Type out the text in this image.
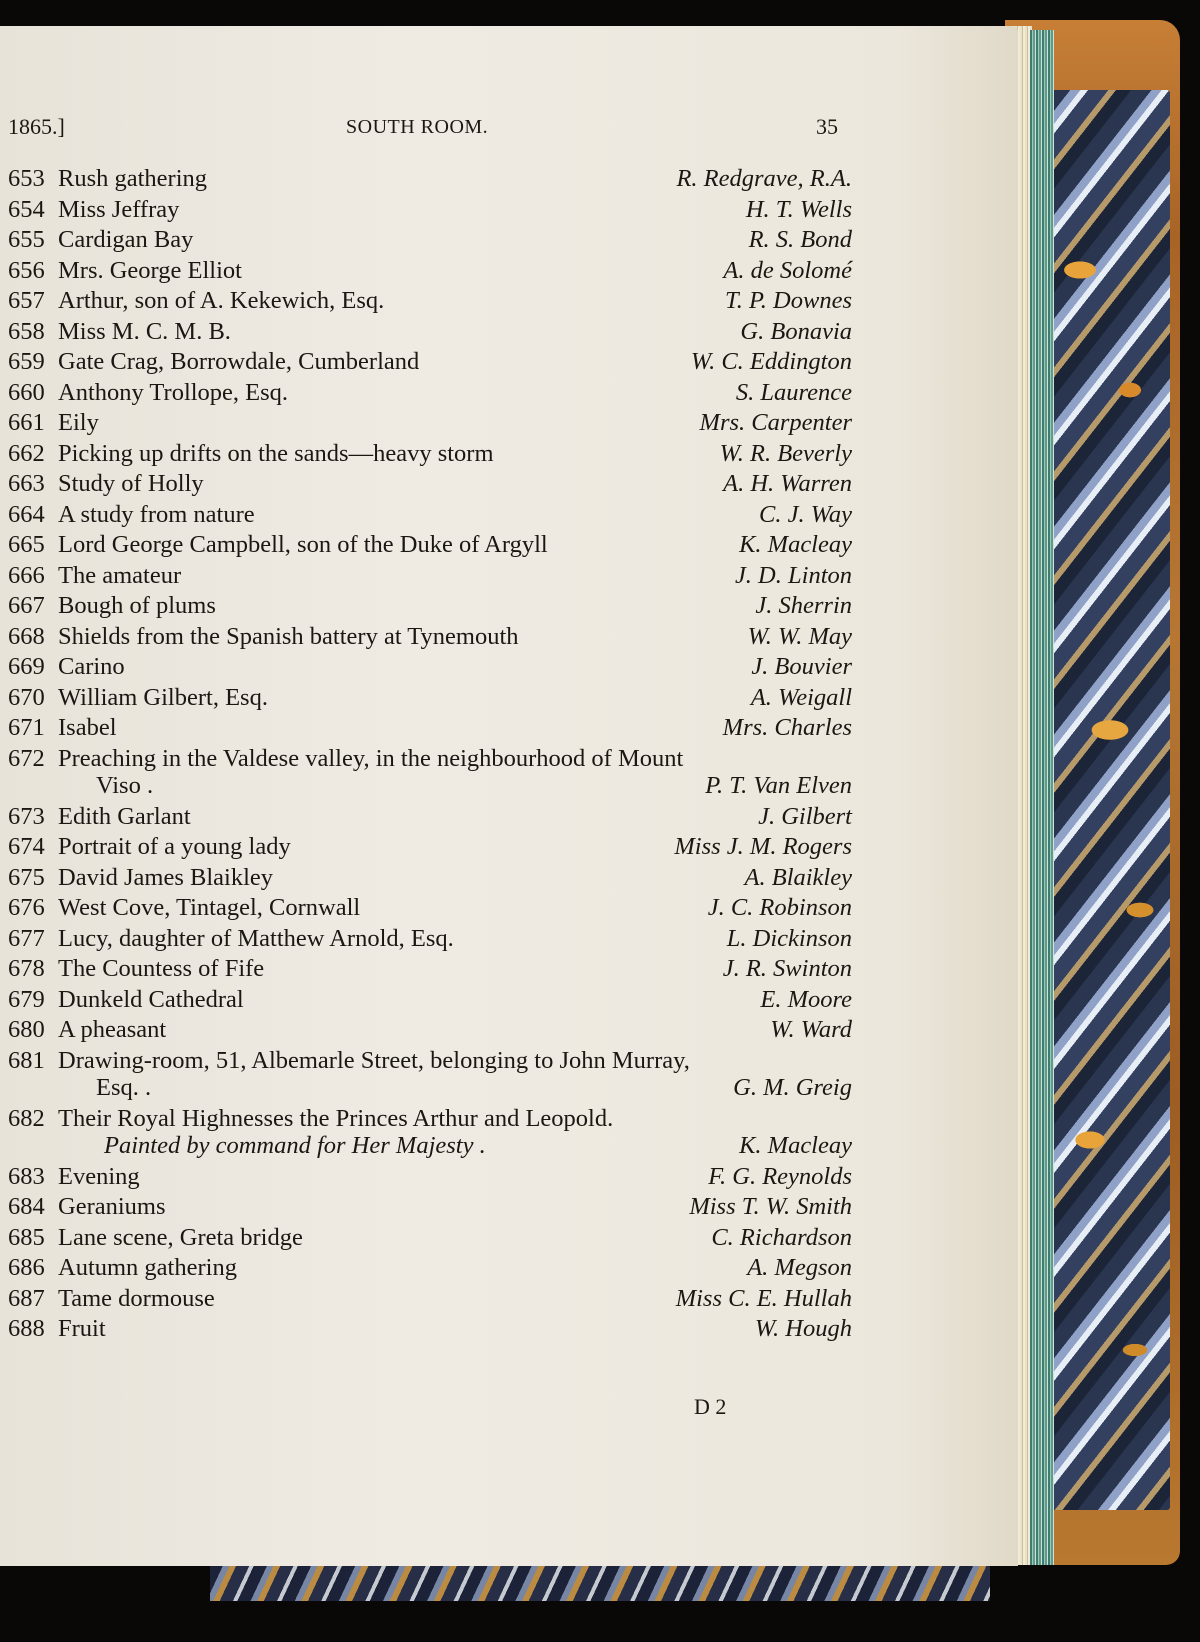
1865.]	SOUTH ROOM.	35
653 Rush gathering	R. Redgrave, R.A.
654 Miss Jeffray	H. T. Wells
655 Cardigan Bay	R. S. Bond
656 Mrs. George Elliot	A. de Solomé
657 Arthur, son of A. Kekewich, Esq.	T. P. Downes
658 Miss M. C. M. B.	G. Bonavia
659 Gate Crag, Borrowdale, Cumberland	W. C. Eddington
660 Anthony Trollope, Esq.	S. Laurence
661 Eily	Mrs. Carpenter
662 Picking up drifts on the sands—heavy storm	W. R. Beverly
663 Study of Holly	A. H. Warren
664 A study from nature	C. J. Way
665 Lord George Campbell, son of the Duke of Argyll	K. Macleay
666 The amateur	J. D. Linton
667 Bough of plums	J. Sherrin
668 Shields from the Spanish battery at Tynemouth	W. W. May
669 Carino	J. Bouvier
670 William Gilbert, Esq.	A. Weigall
671 Isabel	Mrs. Charles
672 Preaching in the Valdese valley, in the neighbourhood of Mount
Viso .	P. T. Van Elven
673 Edith Garlant	J. Gilbert
674 Portrait of a young lady	Miss J. M. Rogers
675 David James Blaikley	A. Blaikley
676 West Cove, Tintagel, Cornwall	J. C. Robinson
677 Lucy, daughter of Matthew Arnold, Esq.	L. Dickinson
678 The Countess of Fife	J. R. Swinton
679 Dunkeld Cathedral	E. Moore
680 A pheasant	W. Ward
681 Drawing-room, 51, Albemarle Street, belonging to John Murray,
Esq. .	G. M. Greig
682 Their Royal Highnesses the Princes Arthur and Leopold.
Painted by command for Her Majesty .	K. Macleay
683 Evening	F. G. Reynolds
684 Geraniums	Miss T. W. Smith
685 Lane scene, Greta bridge	C. Richardson
686 Autumn gathering	A. Megson
687 Tame dormouse	Miss C. E. Hullah
688 Fruit	W. Hough
D 2
